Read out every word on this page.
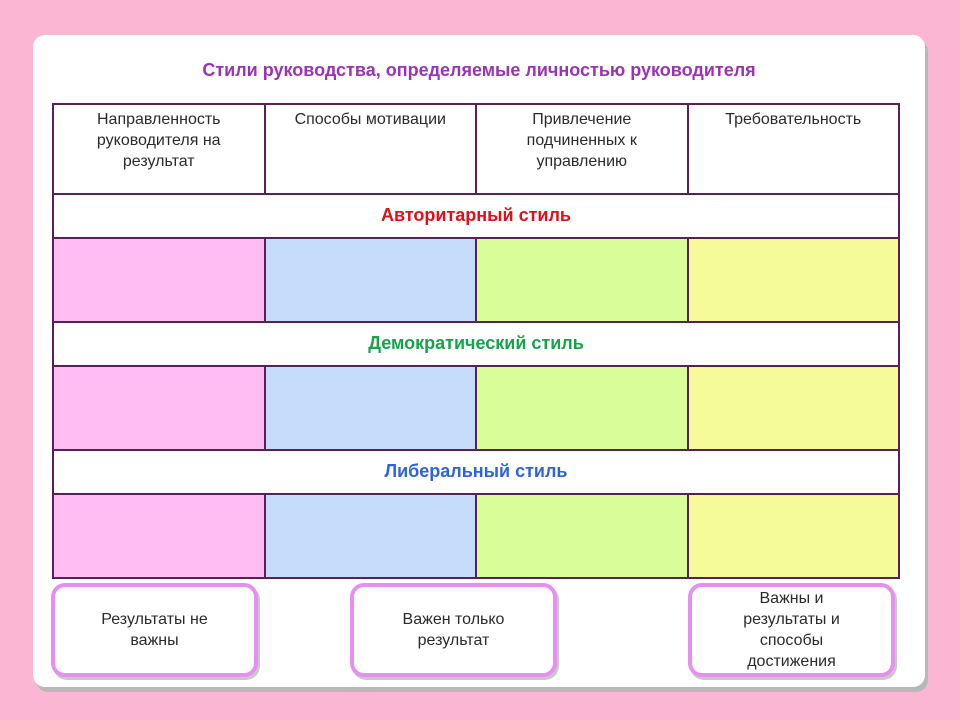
Стили руководства, определяемые личностью руководителя
Направленность руководителя на результат
Способы мотивации	Привлечение подчиненных к управлению
Требовательность
Авторитарный стиль
Демократический стиль
Либеральный стиль
Результаты не важны
Важен только результат
Важны и результаты и способы достижения
